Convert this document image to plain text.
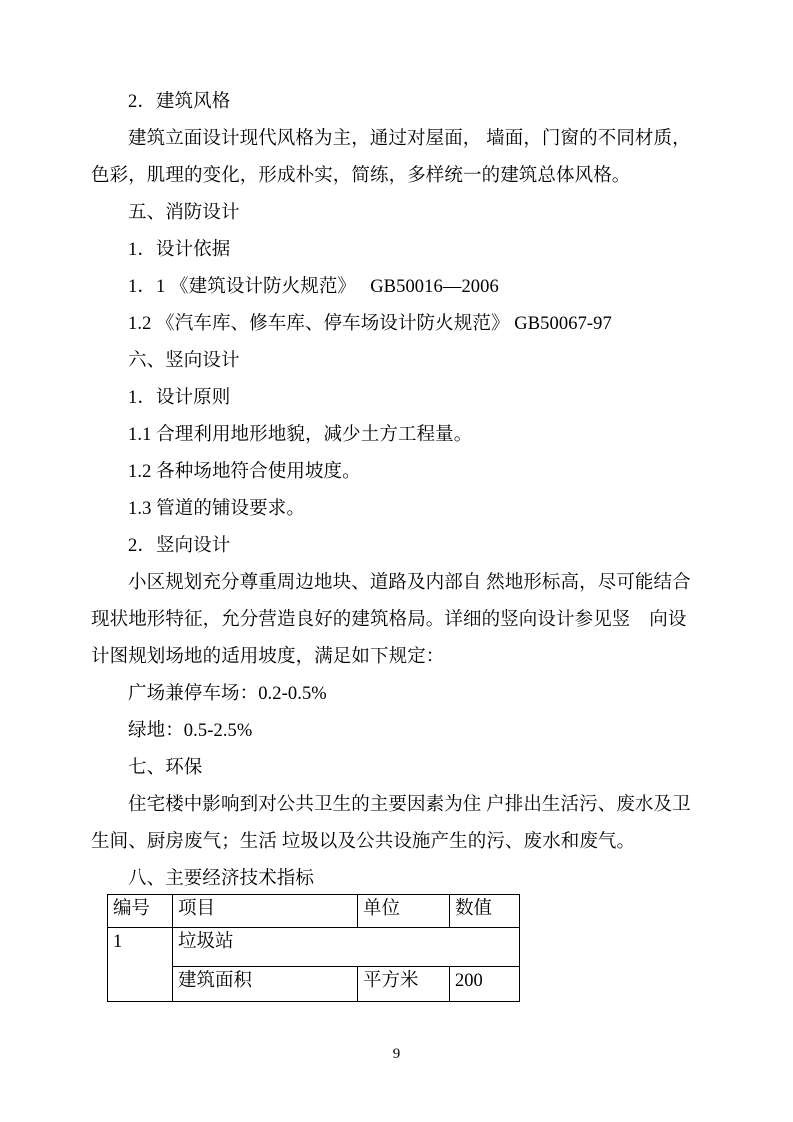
2．建筑风格
建筑立面设计现代风格为主，通过对屋面， 墙面，门窗的不同材质，
色彩，肌理的变化，形成朴实，简练，多样统一的建筑总体风格。
五、消防设计
1．设计依据
1．1 《建筑设计防火规范》   GB50016—2006
1.2 《汽车库、修车库、停车场设计防火规范》 GB50067-97
六、竖向设计
1．设计原则
1.1 合理利用地形地貌，减少土方工程量。
1.2 各种场地符合使用坡度。
1.3 管道的铺设要求。
2．竖向设计
小区规划充分尊重周边地块、道路及内部自 然地形标高，尽可能结合
现状地形特征，允分营造良好的建筑格局。详细的竖向设计参见竖    向设
计图规划场地的适用坡度，满足如下规定：
广场兼停车场：0.2-0.5%
绿地：0.5-2.5%
七、环保
住宅楼中影响到对公共卫生的主要因素为住 户排出生活污、废水及卫
生间、厨房废气；生活 垃圾以及公共设施产生的污、废水和废气。
八、主要经济技术指标
编号	项目	单位	数值
1	垃圾站		
	建筑面积	平方米	200
9
